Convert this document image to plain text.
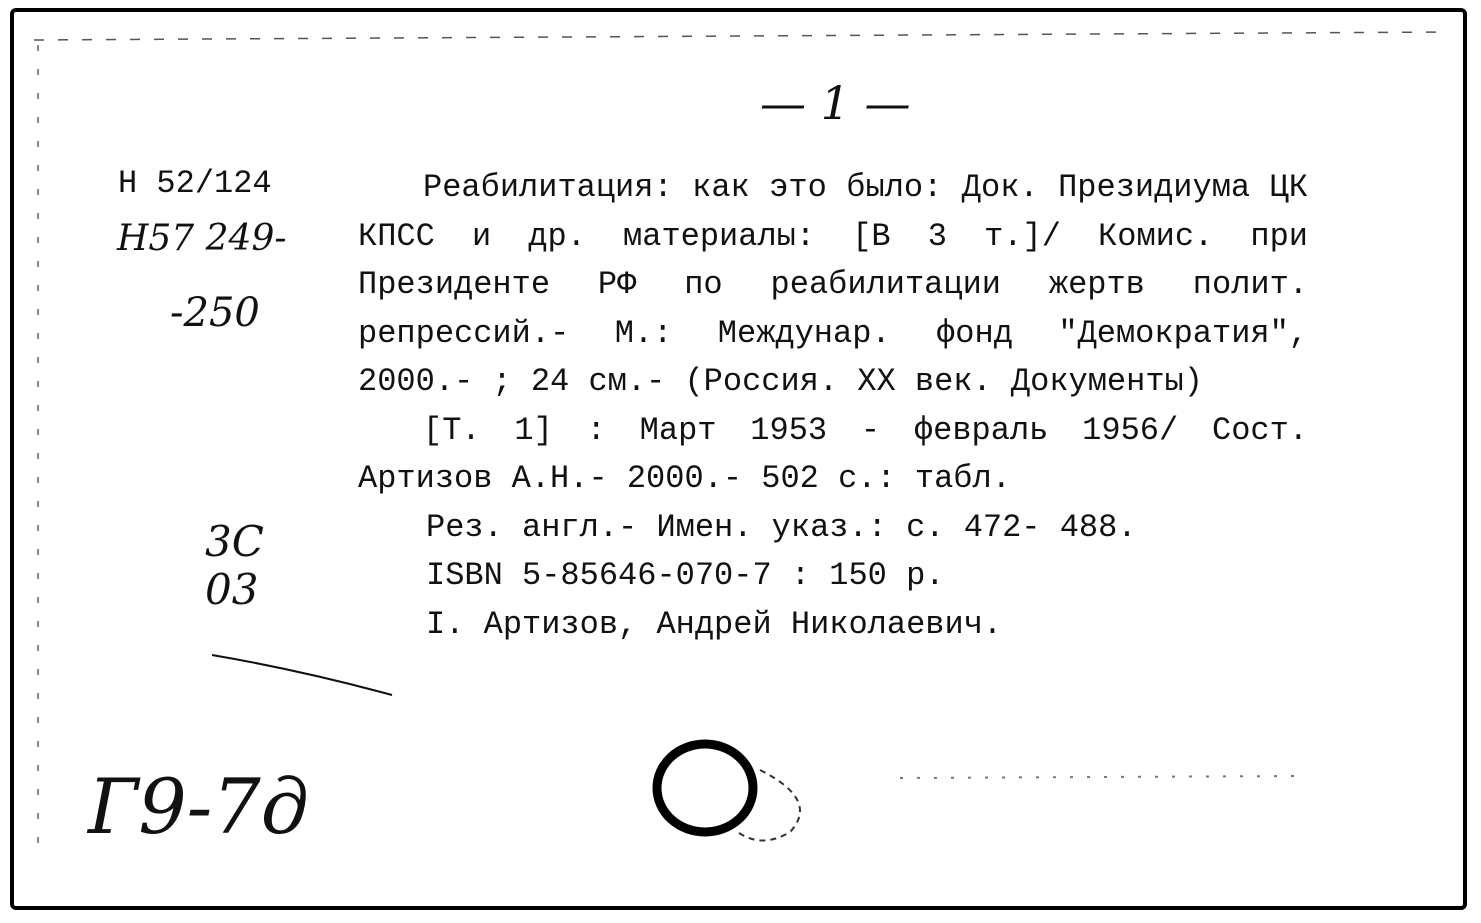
— 1 —
Н 52/124
Н57 249-
-250
3С
03
Г9-7д

Реабилитация: как это было: Док. Президиума ЦК КПСС и др. материалы: [В 3 т.]/ Комис. при Президенте РФ по реабилитации жертв полит. репрессий.- М.: Междунар. фонд "Демократия", 2000.- ; 24 см.- (Россия. XX век. Документы)

[Т. 1] : Март 1953 - февраль 1956/ Сост. Артизов А.Н.- 2000.- 502 с.: табл.

Рез. англ.- Имен. указ.: с. 472- 488.

ISBN 5-85646-070-7 : 150 р.

I. Артизов, Андрей Николаевич.
